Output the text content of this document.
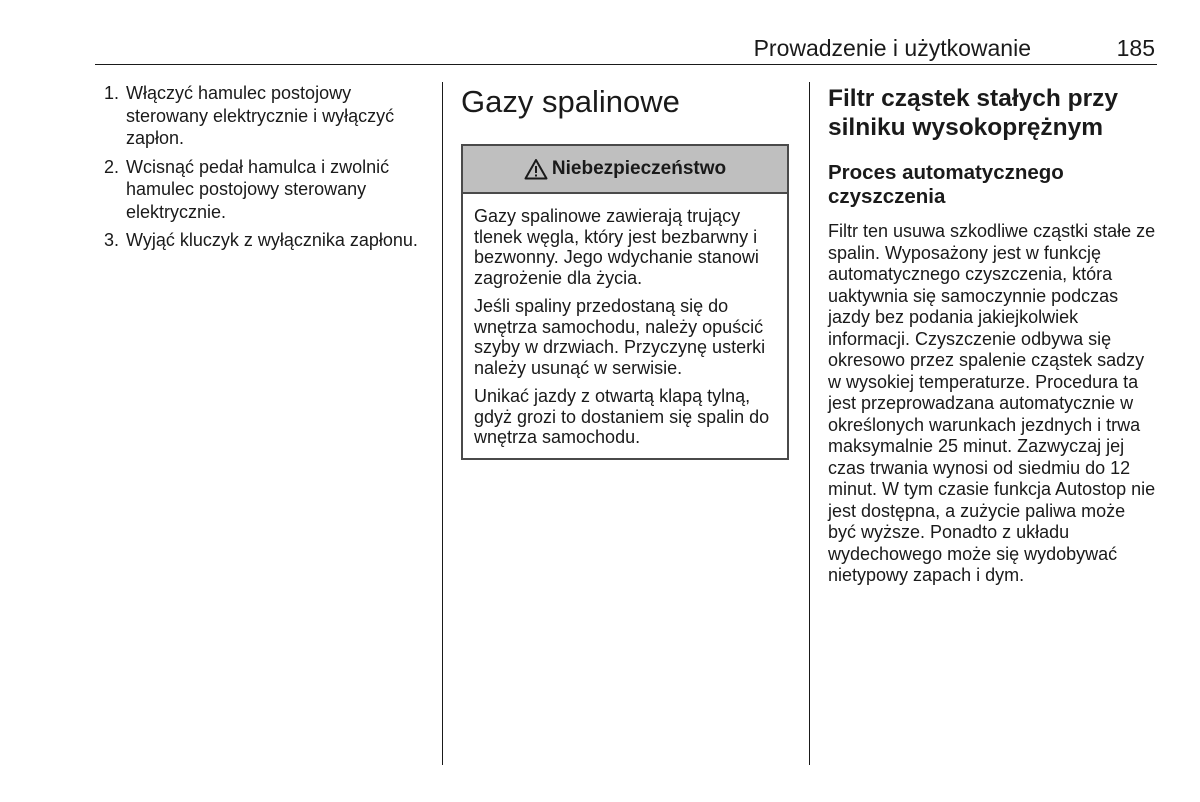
Prowadzenie i użytkowanie	185
1. Włączyć hamulec postojowy sterowany elektrycznie i wyłączyć zapłon.
2. Wcisnąć pedał hamulca i zwolnić hamulec postojowy sterowany elektrycznie.
3. Wyjąć kluczyk z wyłącznika zapłonu.
Gazy spalinowe
Niebezpieczeństwo

Gazy spalinowe zawierają trujący tlenek węgla, który jest bezbarwny i bezwonny. Jego wdychanie stanowi zagrożenie dla życia.

Jeśli spaliny przedostaną się do wnętrza samochodu, należy opuścić szyby w drzwiach. Przyczynę usterki należy usunąć w serwisie.

Unikać jazdy z otwartą klapą tylną, gdyż grozi to dostaniem się spalin do wnętrza samochodu.

Filtr cząstek stałych przy silniku wysokoprężnym
Proces automatycznego czyszczenia

Filtr ten usuwa szkodliwe cząstki stałe ze spalin. Wyposażony jest w funkcję automatycznego czyszczenia, która uaktywnia się samoczynnie podczas jazdy bez podania jakiejkolwiek informacji. Czyszczenie odbywa się okresowo przez spalenie cząstek sadzy w wysokiej temperaturze. Procedura ta jest przeprowadzana automatycznie w określonych warunkach jezdnych i trwa maksymalnie 25 minut. Zazwyczaj jej czas trwania wynosi od siedmiu do 12 minut. W tym czasie funkcja Autostop nie jest dostępna, a zużycie paliwa może być wyższe. Ponadto z układu wydechowego może się wydobywać nietypowy zapach i dym.
